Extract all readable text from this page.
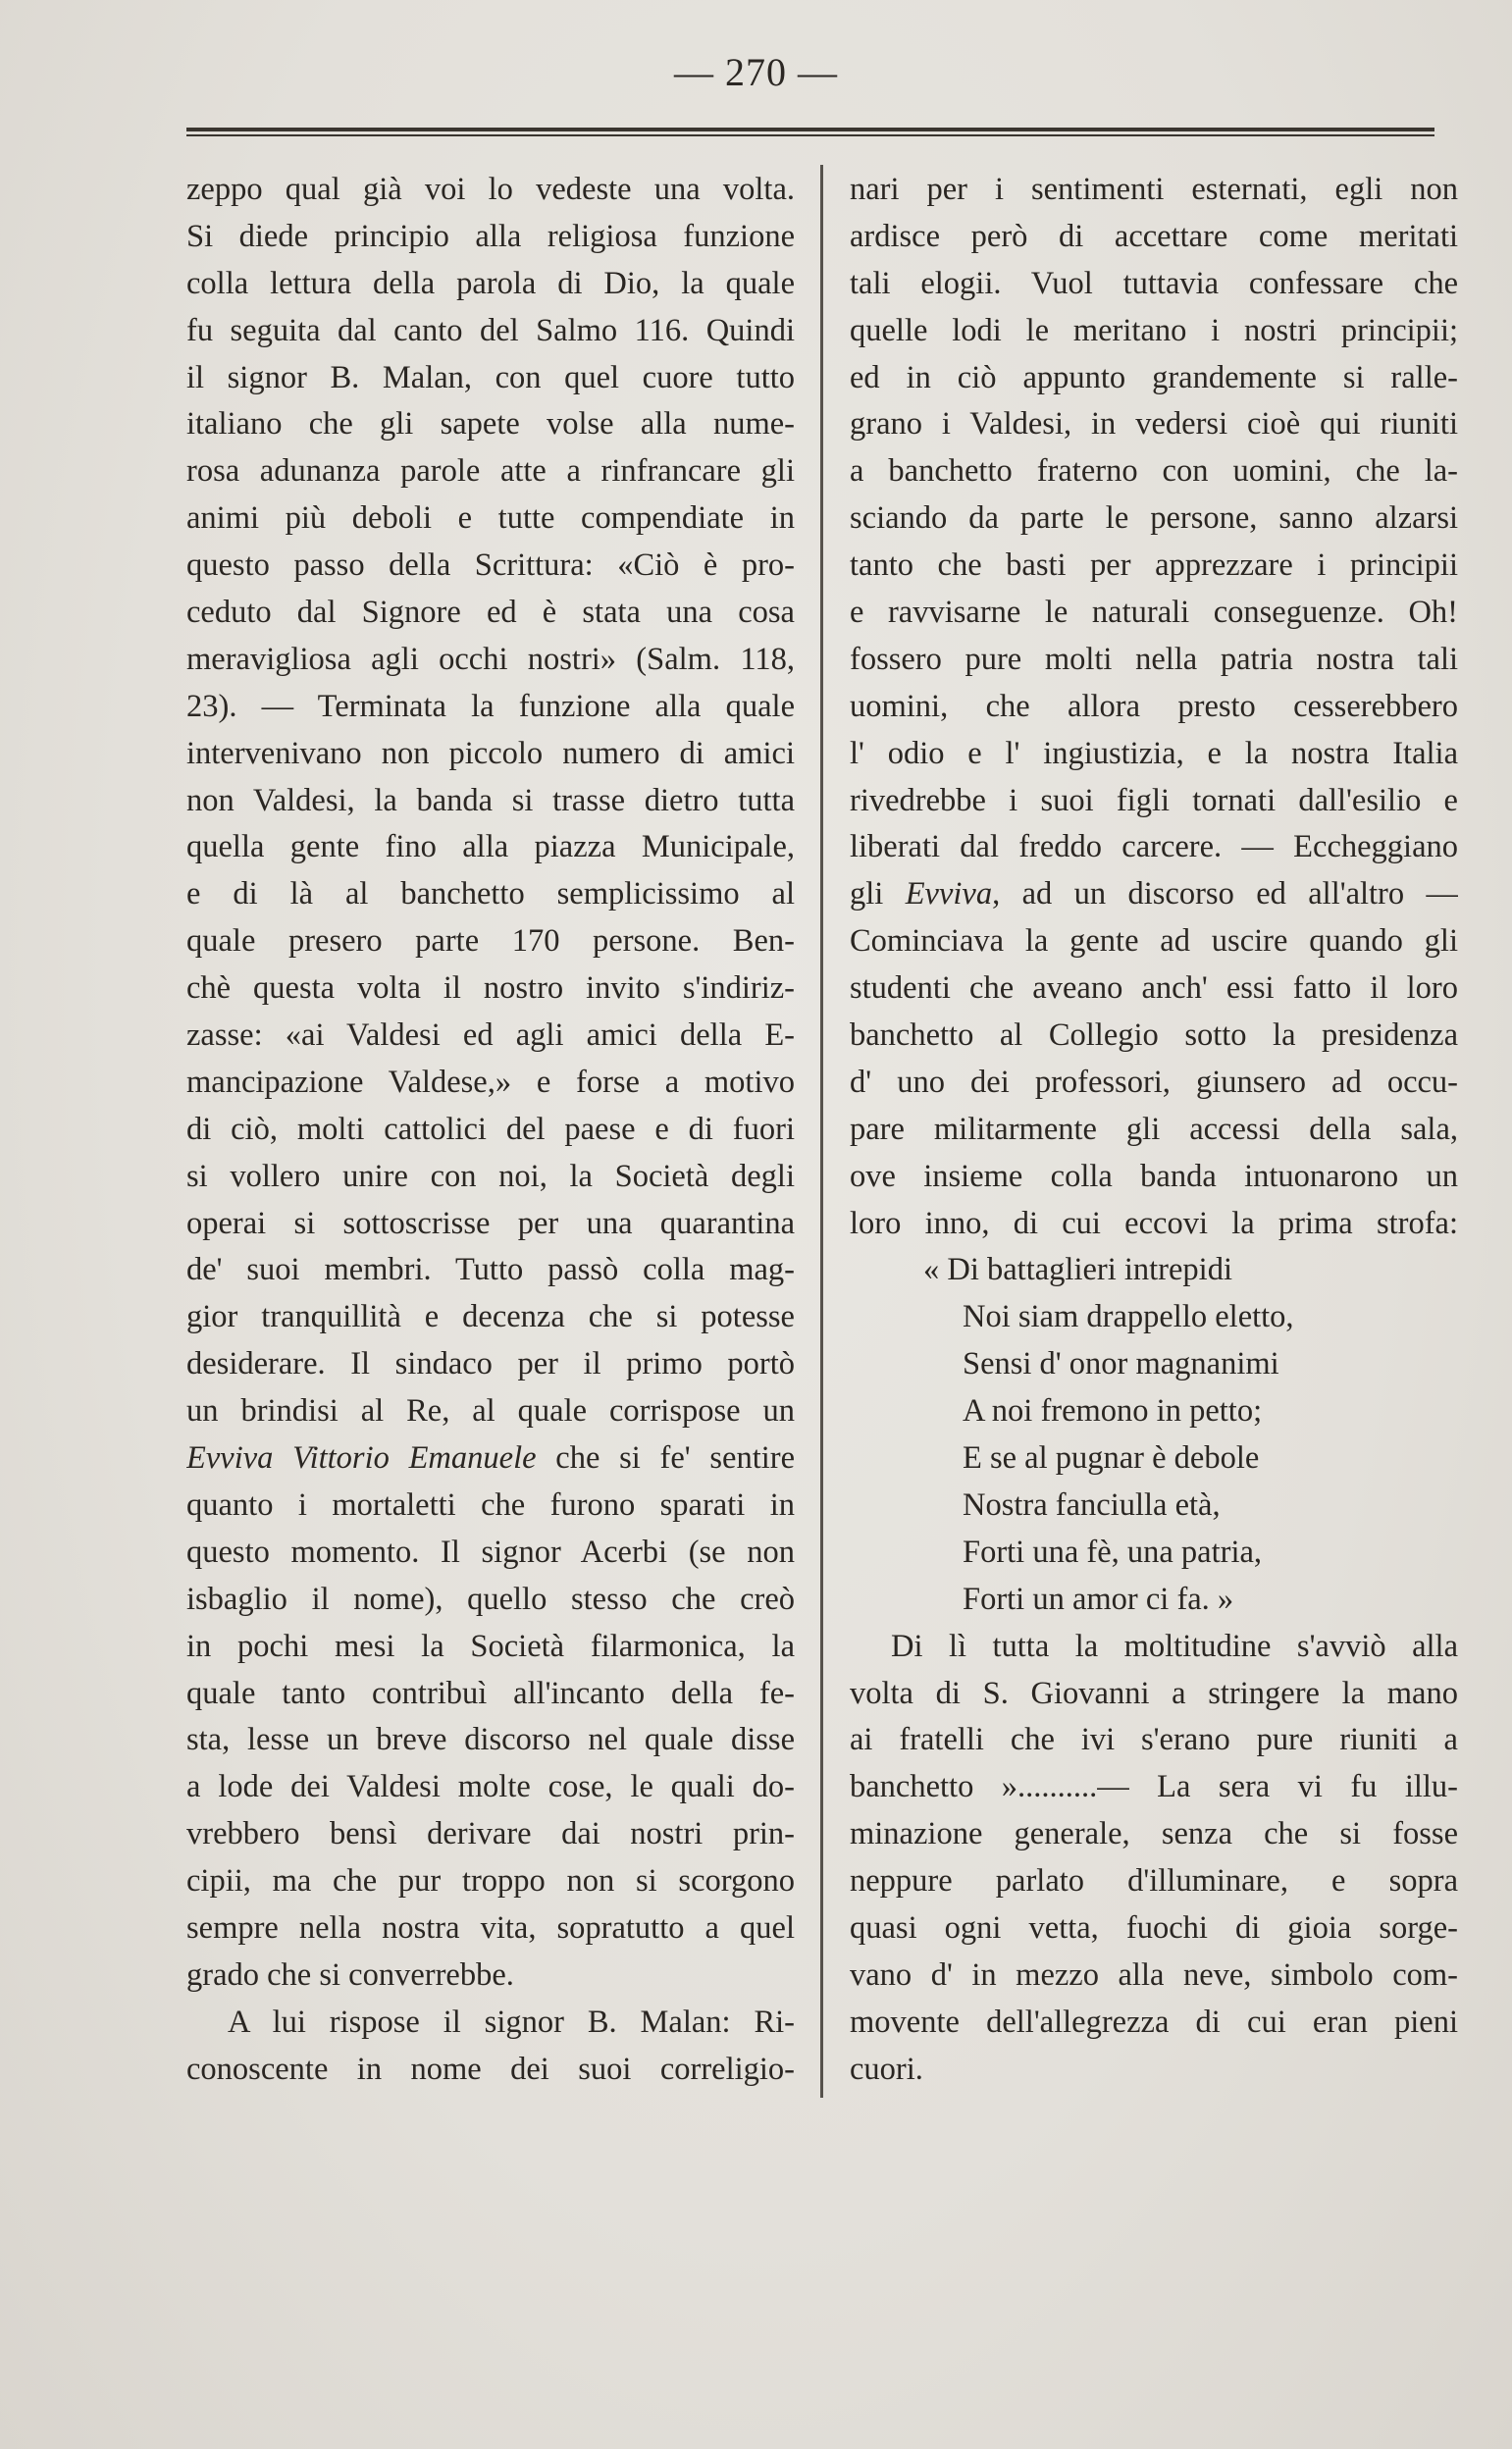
— 270 —
zeppo qual già voi lo vedeste una volta.
Si diede principio alla religiosa funzione
colla lettura della parola di Dio, la quale
fu seguita dal canto del Salmo 116. Quindi
il signor B. Malan, con quel cuore tutto
italiano che gli sapete volse alla nume-
rosa adunanza parole atte a rinfrancare gli
animi più deboli e tutte compendiate in
questo passo della Scrittura: «Ciò è pro-
ceduto dal Signore ed è stata una cosa
meravigliosa agli occhi nostri» (Salm. 118,
23). — Terminata la funzione alla quale
intervenivano non piccolo numero di amici
non Valdesi, la banda si trasse dietro tutta
quella gente fino alla piazza Municipale,
e di là al banchetto semplicissimo al
quale presero parte 170 persone. Ben-
chè questa volta il nostro invito s'indiriz-
zasse: «ai Valdesi ed agli amici della E-
mancipazione Valdese,» e forse a motivo
di ciò, molti cattolici del paese e di fuori
si vollero unire con noi, la Società degli
operai si sottoscrisse per una quarantina
de' suoi membri. Tutto passò colla mag-
gior tranquillità e decenza che si potesse
desiderare. Il sindaco per il primo portò
un brindisi al Re, al quale corrispose un
Evviva Vittorio Emanuele che si fe' sentire
quanto i mortaletti che furono sparati in
questo momento. Il signor Acerbi (se non
isbaglio il nome), quello stesso che creò
in pochi mesi la Società filarmonica, la
quale tanto contribuì all'incanto della fe-
sta, lesse un breve discorso nel quale disse
a lode dei Valdesi molte cose, le quali do-
vrebbero bensì derivare dai nostri prin-
cipii, ma che pur troppo non si scorgono
sempre nella nostra vita, sopratutto a quel
grado che si converrebbe.
A lui rispose il signor B. Malan: Ri-
conoscente in nome dei suoi correligio-
nari per i sentimenti esternati, egli non
ardisce però di accettare come meritati
tali elogii. Vuol tuttavia confessare che
quelle lodi le meritano i nostri principii;
ed in ciò appunto grandemente si ralle-
grano i Valdesi, in vedersi cioè qui riuniti
a banchetto fraterno con uomini, che la-
sciando da parte le persone, sanno alzarsi
tanto che basti per apprezzare i principii
e ravvisarne le naturali conseguenze. Oh!
fossero pure molti nella patria nostra tali
uomini, che allora presto cesserebbero
l' odio e l' ingiustizia, e la nostra Italia
rivedrebbe i suoi figli tornati dall'esilio e
liberati dal freddo carcere. — Eccheggiano
gli Evviva, ad un discorso ed all'altro —
Cominciava la gente ad uscire quando gli
studenti che aveano anch' essi fatto il loro
banchetto al Collegio sotto la presidenza
d' uno dei professori, giunsero ad occu-
pare militarmente gli accessi della sala,
ove insieme colla banda intuonarono un
loro inno, di cui eccovi la prima strofa:
« Di battaglieri intrepidi
Noi siam drappello eletto,
Sensi d' onor magnanimi
A noi fremono in petto;
E se al pugnar è debole
Nostra fanciulla età,
Forti una fè, una patria,
Forti un amor ci fa. »
Di lì tutta la moltitudine s'avviò alla
volta di S. Giovanni a stringere la mano
ai fratelli che ivi s'erano pure riuniti a
banchetto »..........— La sera vi fu illu-
minazione generale, senza che si fosse
neppure parlato d'illuminare, e sopra
quasi ogni vetta, fuochi di gioia sorge-
vano d' in mezzo alla neve, simbolo com-
movente dell'allegrezza di cui eran pieni
cuori.
